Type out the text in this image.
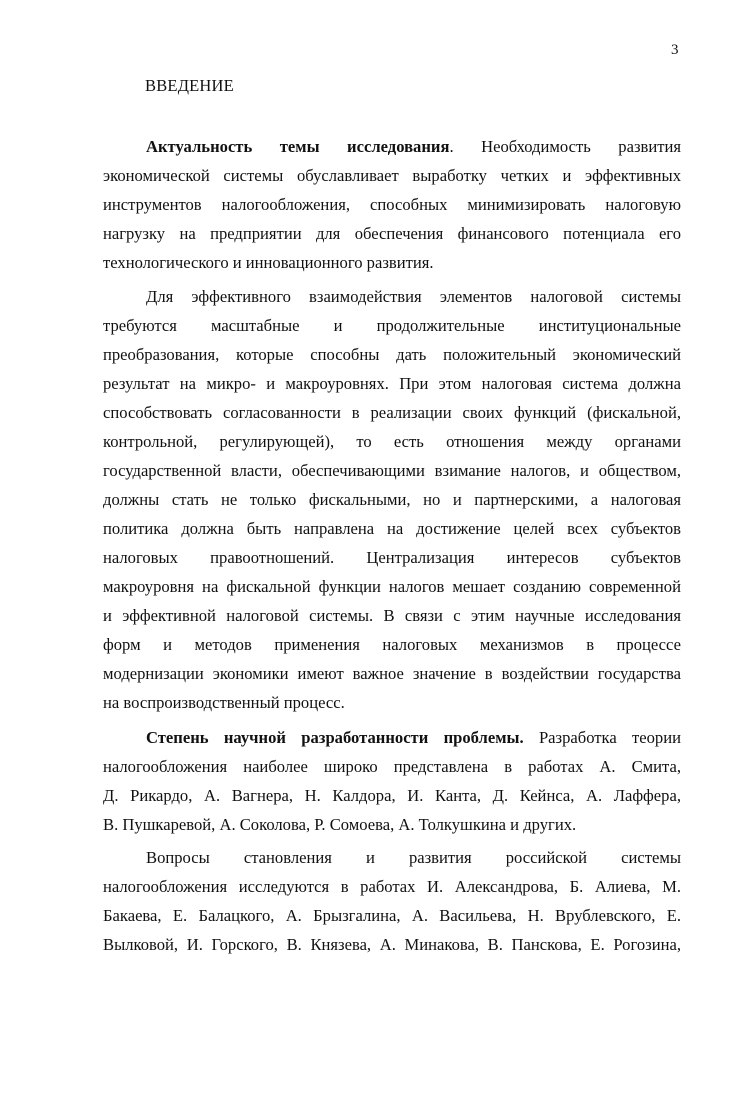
3
ВВЕДЕНИЕ
Актуальность темы исследования. Необходимость развития
экономической системы обуславливает выработку четких и эффективных
инструментов налогообложения, способных минимизировать налоговую
нагрузку на предприятии для обеспечения финансового потенциала его
технологического и инновационного развития.
Для эффективного взаимодействия элементов налоговой системы
требуются масштабные и продолжительные институциональные
преобразования, которые способны дать положительный экономический
результат на микро- и макроуровнях. При этом налоговая система должна
способствовать согласованности в реализации своих функций (фискальной,
контрольной, регулирующей), то есть отношения между органами
государственной власти, обеспечивающими взимание налогов, и обществом,
должны стать не только фискальными, но и партнерскими, а налоговая
политика должна быть направлена на достижение целей всех субъектов
налоговых правоотношений. Централизация интересов субъектов
макроуровня на фискальной функции налогов мешает созданию современной
и эффективной налоговой системы. В связи с этим научные исследования
форм и методов применения налоговых механизмов в процессе
модернизации экономики имеют важное значение в воздействии государства
на воспроизводственный процесс.
Степень научной разработанности проблемы. Разработка теории
налогообложения наиболее широко представлена в работах А. Смита,
Д. Рикардо, А. Вагнера, Н. Калдора, И. Канта, Д. Кейнса, А. Лаффера,
В. Пушкаревой, А. Соколова, Р. Сомоева, А. Толкушкина и других.
Вопросы становления и развития российской системы
налогообложения исследуются в работах И. Александрова, Б. Алиева, М.
Бакаева, Е. Балацкого, А. Брызгалина, А. Васильева, Н. Врублевского, Е.
Вылковой, И. Горского, В. Князева, А. Минакова, В. Панскова, Е. Рогозина,
